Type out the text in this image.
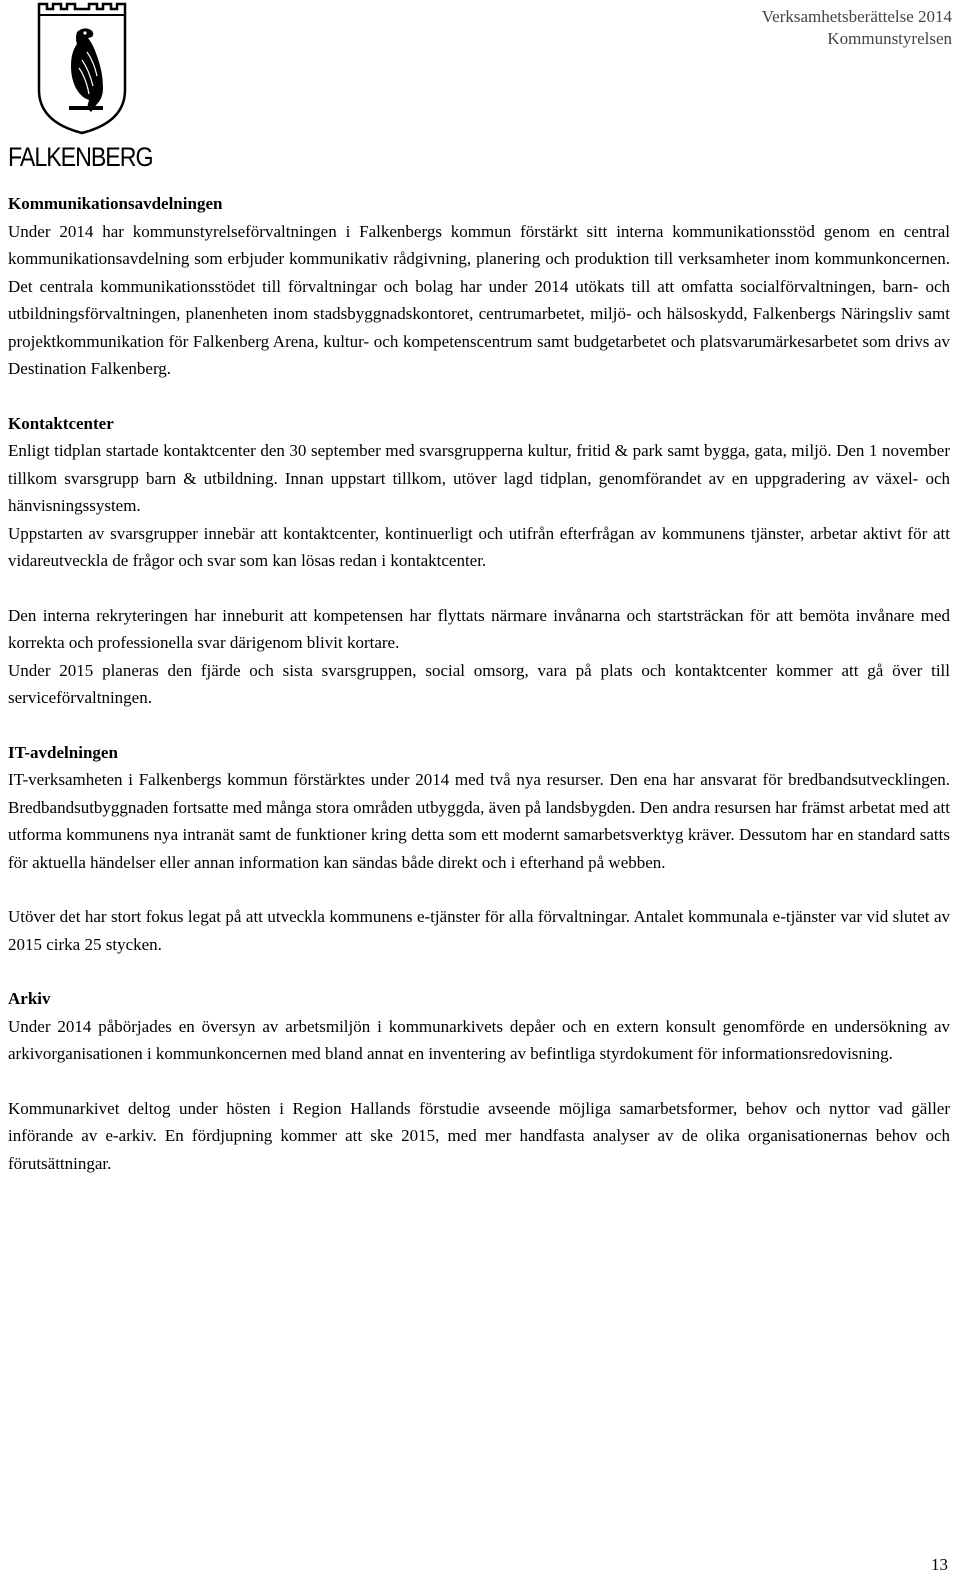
FALKENBERG
Verksamhetsberättelse 2014
Kommunstyrelsen
Kommunikationsavdelningen

Under 2014 har kommunstyrelseförvaltningen i Falkenbergs kommun förstärkt sitt interna kommunikationsstöd genom en central kommunikationsavdelning som erbjuder kommunikativ rådgivning, planering och produktion till verksamheter inom kommunkoncernen. Det centrala kommunikationsstödet till förvaltningar och bolag har under 2014 utökats till att omfatta socialförvaltningen, barn- och utbildningsförvaltningen, planenheten inom stadsbyggnadskontoret, centrumarbetet, miljö- och hälsoskydd, Falkenbergs Näringsliv samt projektkommunikation för Falkenberg Arena, kultur- och kompetenscentrum samt budgetarbetet och platsvarumärkesarbetet som drivs av Destination Falkenberg.

Kontaktcenter

Enligt tidplan startade kontaktcenter den 30 september med svarsgrupperna kultur, fritid & park samt bygga, gata, miljö. Den 1 november tillkom svarsgrupp barn & utbildning. Innan uppstart tillkom, utöver lagd tidplan, genomförandet av en uppgradering av växel- och hänvisningssystem.

Uppstarten av svarsgrupper innebär att kontaktcenter, kontinuerligt och utifrån efterfrågan av kommunens tjänster, arbetar aktivt för att vidareutveckla de frågor och svar som kan lösas redan i kontaktcenter.

Den interna rekryteringen har inneburit att kompetensen har flyttats närmare invånarna och startsträckan för att bemöta invånare med korrekta och professionella svar därigenom blivit kortare.

Under 2015 planeras den fjärde och sista svarsgruppen, social omsorg, vara på plats och kontaktcenter kommer att gå över till serviceförvaltningen.

IT-avdelningen

IT-verksamheten i Falkenbergs kommun förstärktes under 2014 med två nya resurser. Den ena har ansvarat för bredbandsutvecklingen. Bredbandsutbyggnaden fortsatte med många stora områden utbyggda, även på landsbygden. Den andra resursen har främst arbetat med att utforma kommunens nya intranät samt de funktioner kring detta som ett modernt samarbetsverktyg kräver. Dessutom har en standard satts för aktuella händelser eller annan information kan sändas både direkt och i efterhand på webben.

Utöver det har stort fokus legat på att utveckla kommunens e-tjänster för alla förvaltningar. Antalet kommunala e-tjänster var vid slutet av 2015 cirka 25 stycken.

Arkiv

Under 2014 påbörjades en översyn av arbetsmiljön i kommunarkivets depåer och en extern konsult genomförde en undersökning av arkivorganisationen i kommunkoncernen med bland annat en inventering av befintliga styrdokument för informationsredovisning.

Kommunarkivet deltog under hösten i Region Hallands förstudie avseende möjliga samarbetsformer, behov och nyttor vad gäller införande av e-arkiv. En fördjupning kommer att ske 2015, med mer handfasta analyser av de olika organisationernas behov och förutsättningar.

13
